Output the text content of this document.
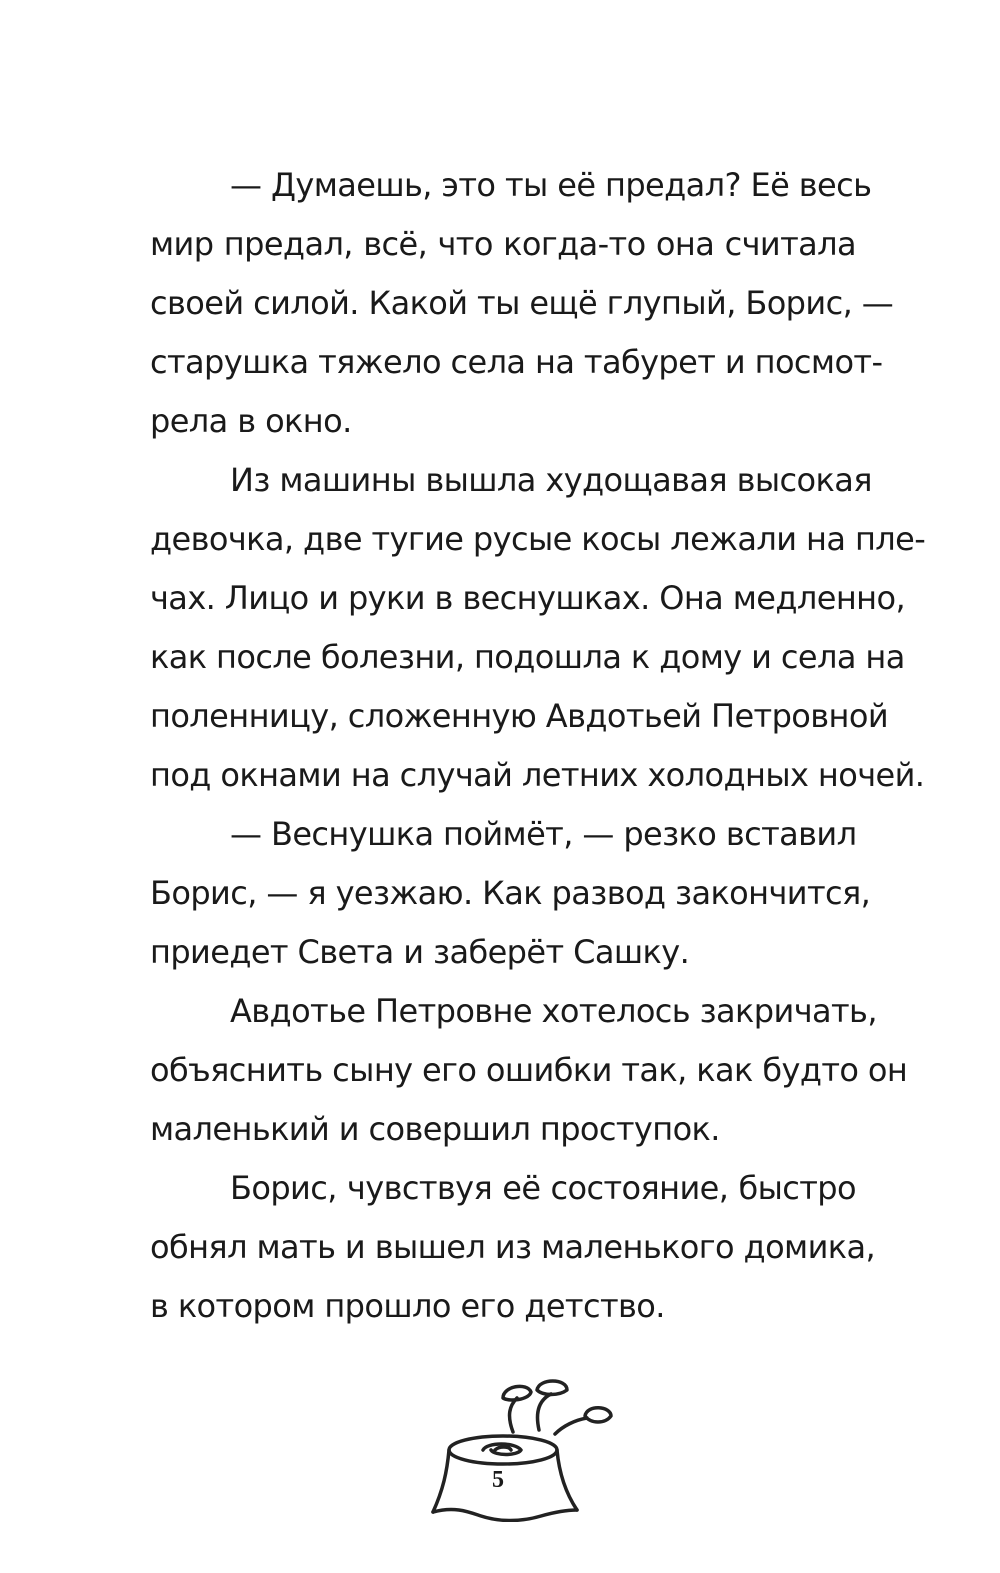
— Думаешь, это ты её предал? Её весь
мир предал, всё, что когда-то она считала
своей силой. Какой ты ещё глупый, Борис, —
старушка тяжело села на табурет и посмот-
рела в окно.
Из машины вышла худощавая высокая
девочка, две тугие русые косы лежали на пле-
чах. Лицо и руки в веснушках. Она медленно,
как после болезни, подошла к дому и села на
поленницу, сложенную Авдотьей Петровной
под окнами на случай летних холодных ночей.
— Веснушка поймёт, — резко вставил
Борис, — я уезжаю. Как развод закончится,
приедет Света и заберёт Сашку.
Авдотье Петровне хотелось закричать,
объяснить сыну его ошибки так, как будто он
маленький и совершил проступок.
Борис, чувствуя её состояние, быстро
обнял мать и вышел из маленького домика,
в котором прошло его детство.
5
